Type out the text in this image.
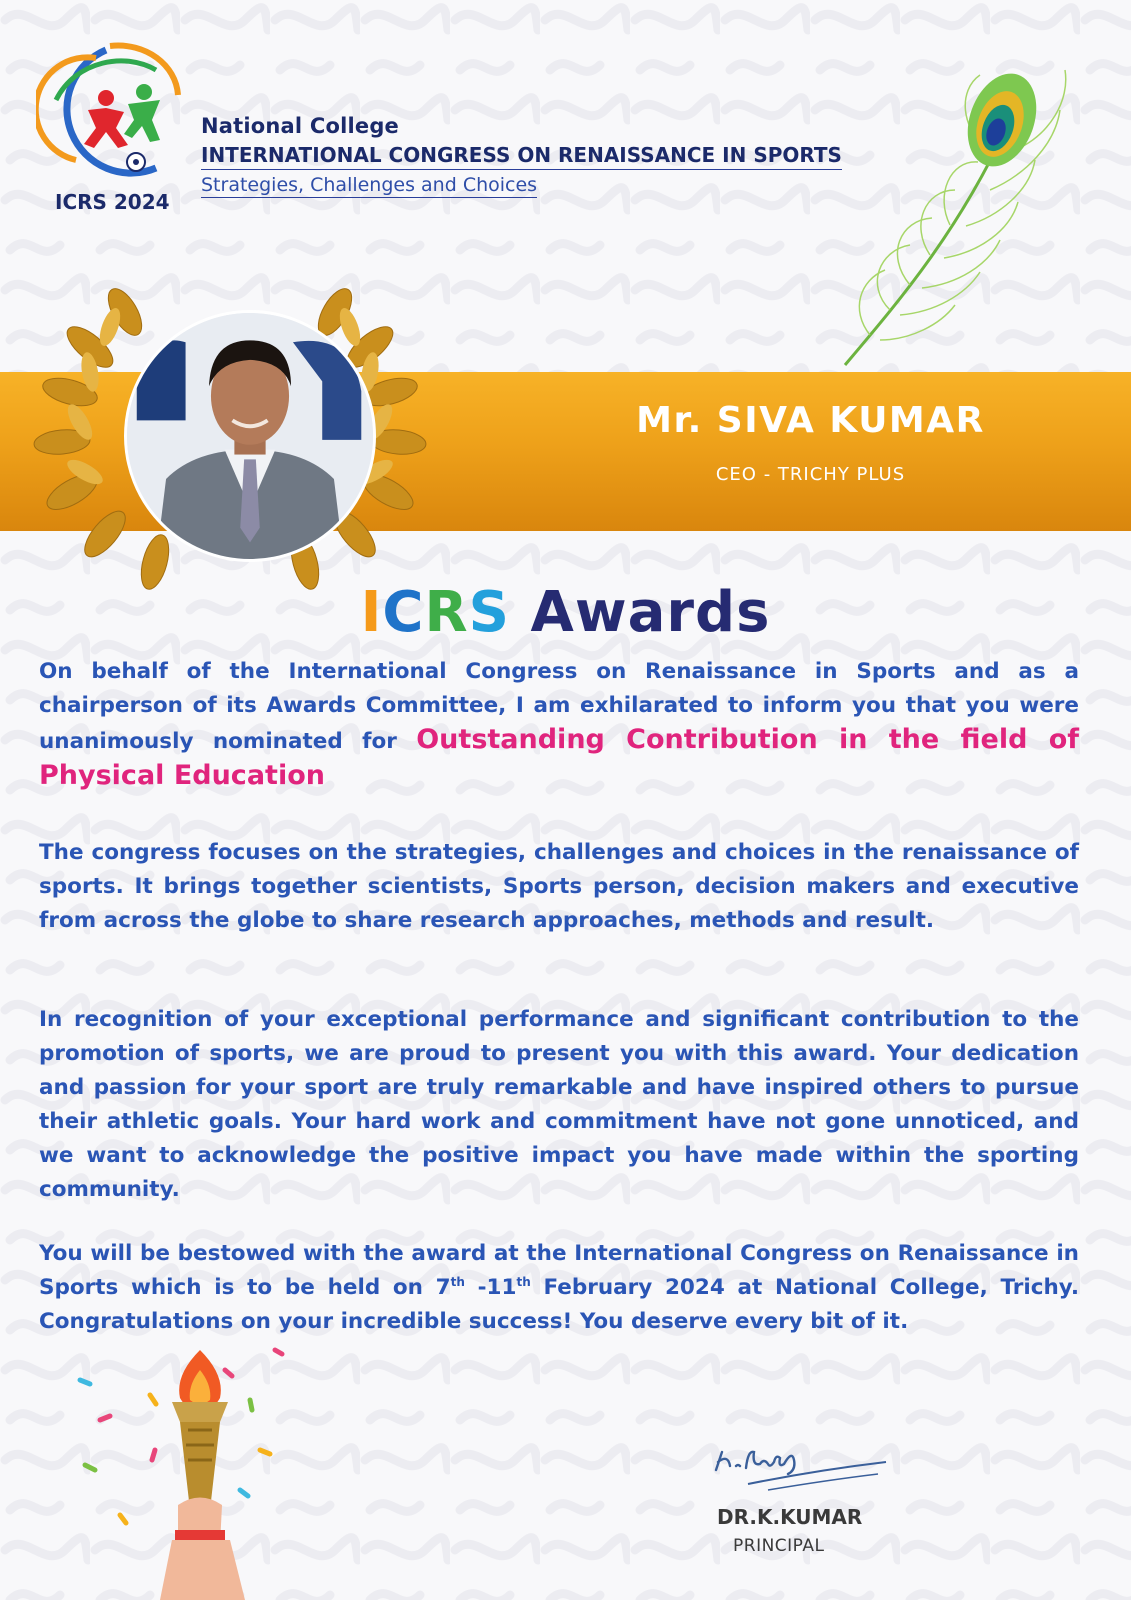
ICRS 2024
National College
INTERNATIONAL CONGRESS ON RENAISSANCE IN SPORTS
Strategies, Challenges and Choices
Mr. SIVA KUMAR
CEO - TRICHY PLUS
ICRS Awards

On behalf of the International Congress on Renaissance in Sports and as a chairperson of its Awards Committee, I am exhilarated to inform you that you were unanimously nominated for Outstanding Contribution in the field of Physical Education

The congress focuses on the strategies, challenges and choices in the renaissance of sports. It brings together scientists, Sports person, decision makers and executive from across the globe to share research approaches, methods and result.

In recognition of your exceptional performance and significant contribution to the promotion of sports, we are proud to present you with this award. Your dedication and passion for your sport are truly remarkable and have inspired others to pursue their athletic goals. Your hard work and commitment have not gone unnoticed, and we want to acknowledge the positive impact you have made within the sporting community.

You will be bestowed with the award at the International Congress on Renaissance in Sports which is to be held on 7th -11th February 2024 at National College, Trichy. Congratulations on your incredible success! You deserve every bit of it.

DR.K.KUMAR
PRINCIPAL
